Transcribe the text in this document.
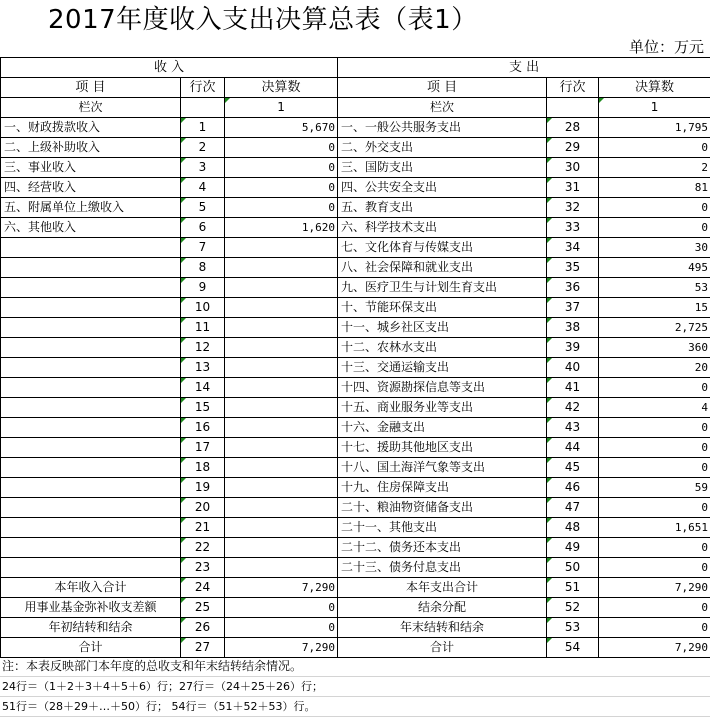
2017年度收入支出决算总表（表1）
单位：万元
收 入			支 出		
项 目	行次	决算数	项 目	行次	决算数
栏次		1	栏次		1
一、财政拨款收入	1	5,670	一、一般公共服务支出	28	1,795
二、上级补助收入	2	0	二、外交支出	29	0
三、事业收入	3	0	三、国防支出	30	2
四、经营收入	4	0	四、公共安全支出	31	81
五、附属单位上缴收入	5	0	五、教育支出	32	0
六、其他收入	6	1,620	六、科学技术支出	33	0
	7		七、文化体育与传媒支出	34	30
	8		八、社会保障和就业支出	35	495
	9		九、医疗卫生与计划生育支出	36	53
	10		十、节能环保支出	37	15
	11		十一、城乡社区支出	38	2,725
	12		十二、农林水支出	39	360
	13		十三、交通运输支出	40	20
	14		十四、资源勘探信息等支出	41	0
	15		十五、商业服务业等支出	42	4
	16		十六、金融支出	43	0
	17		十七、援助其他地区支出	44	0
	18		十八、国土海洋气象等支出	45	0
	19		十九、住房保障支出	46	59
	20		二十、粮油物资储备支出	47	0
	21		二十一、其他支出	48	1,651
	22		二十二、债务还本支出	49	0
	23		二十三、债务付息支出	50	0
本年收入合计	24	7,290	本年支出合计	51	7,290
用事业基金弥补收支差额	25	0	结余分配	52	0
年初结转和结余	26	0	年末结转和结余	53	0
合计	27	7,290	合计	54	7,290
注：本表反映部门本年度的总收支和年末结转结余情况。
24行＝（1＋2＋3＋4＋5＋6）行；27行＝（24＋25＋26）行；
51行＝（28＋29＋…＋50）行； 54行＝（51＋52＋53）行。
